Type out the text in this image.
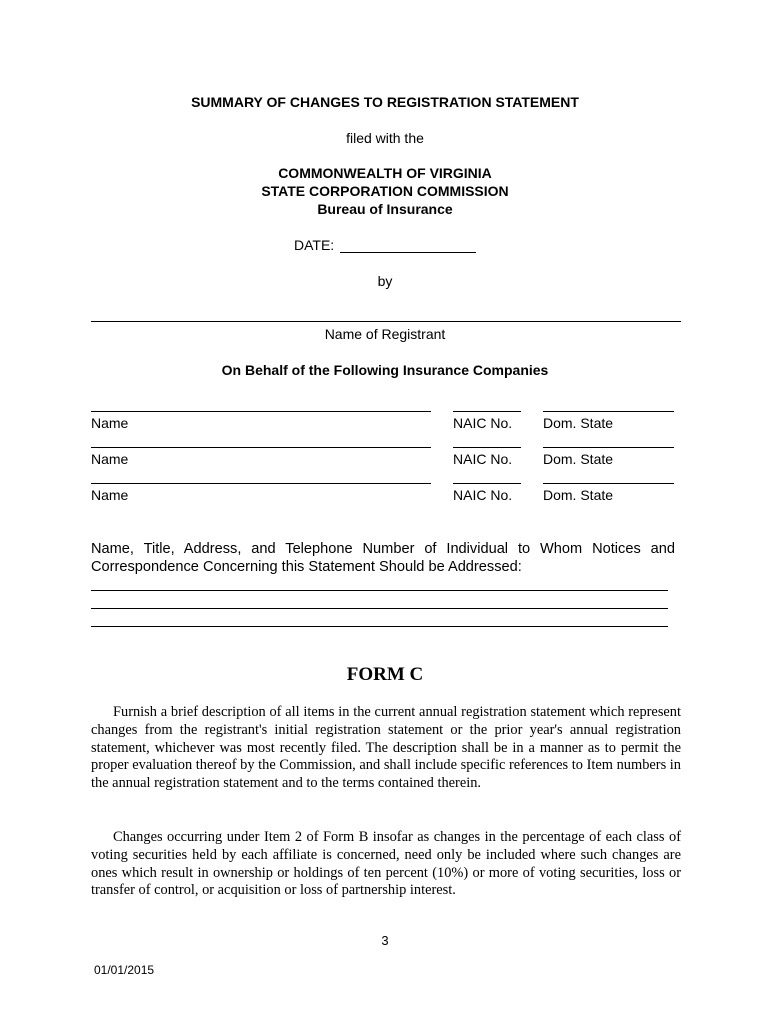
SUMMARY OF CHANGES TO REGISTRATION STATEMENT
filed with the
COMMONWEALTH OF VIRGINIA
STATE CORPORATION COMMISSION
Bureau of Insurance
DATE:
by
Name of Registrant
On Behalf of the Following Insurance Companies
Name	NAIC No. Dom. State
Name	NAIC No. Dom. State
Name	NAIC No. Dom. State
Name, Title, Address, and Telephone Number of Individual to Whom Notices and Correspondence Concerning this Statement Should be Addressed:
FORM C
Furnish a brief description of all items in the current annual registration statement which represent changes from the registrant's initial registration statement or the prior year's annual registration statement, whichever was most recently filed. The description shall be in a manner as to permit the proper evaluation thereof by the Commission, and shall include specific references to Item numbers in the annual registration statement and to the terms contained therein.
Changes occurring under Item 2 of Form B insofar as changes in the percentage of each class of voting securities held by each affiliate is concerned, need only be included where such changes are ones which result in ownership or holdings of ten percent (10%) or more of voting securities, loss or transfer of control, or acquisition or loss of partnership interest.
3
01/01/2015
